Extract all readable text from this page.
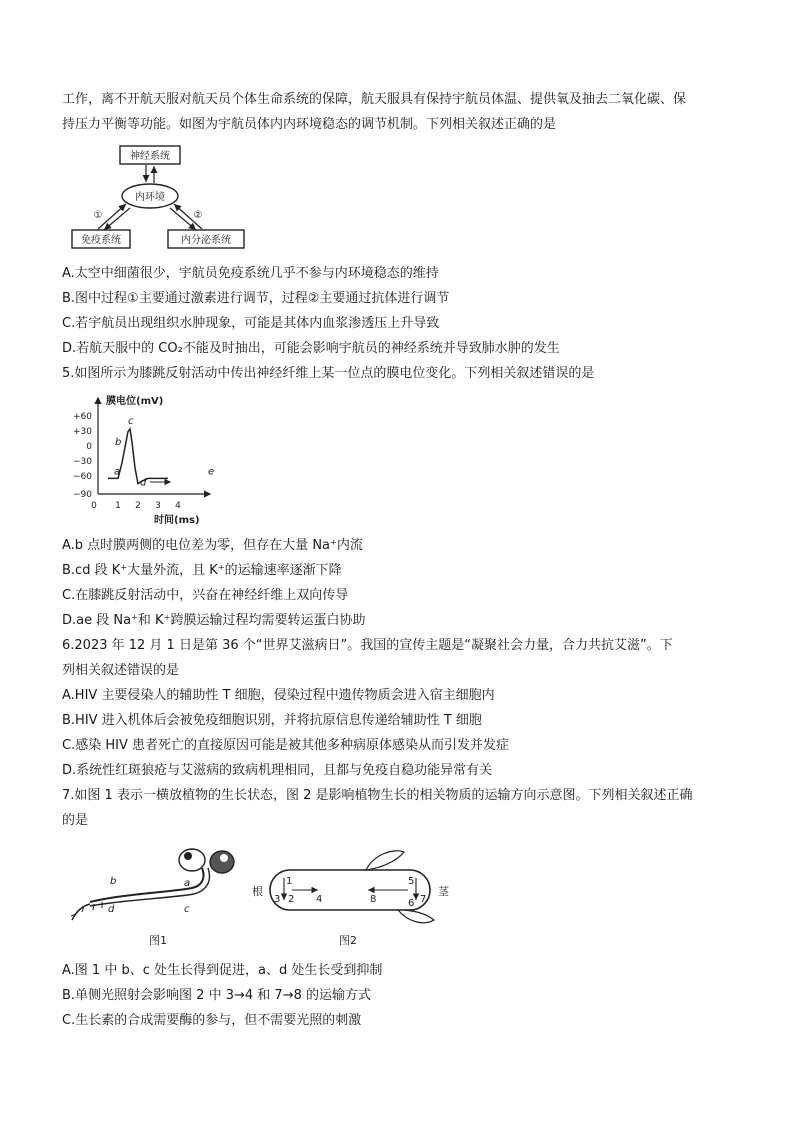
工作，离不开航天服对航天员个体生命系统的保障，航天服具有保持宇航员体温、提供氧及抽去二氧化碳、保
持压力平衡等功能。如图为宇航员体内内环境稳态的调节机制。下列相关叙述正确的是
神经系统
内环境
免疫系统	内分泌系统
①	②
A.太空中细菌很少，宇航员免疫系统几乎不参与内环境稳态的维持
B.图中过程①主要通过激素进行调节，过程②主要通过抗体进行调节
C.若宇航员出现组织水肿现象，可能是其体内血浆渗透压上升导致
D.若航天服中的 CO₂不能及时抽出，可能会影响宇航员的神经系统并导致肺水肿的发生
5.如图所示为膝跳反射活动中传出神经纤维上某一位点的膜电位变化。下列相关叙述错误的是
膜电位(mV)
时间(ms)
+60
+30
0
−30
−60
−90
0 1 2 3 4
a
b
c
d
e
A.b 点时膜两侧的电位差为零，但存在大量 Na⁺内流
B.cd 段 K⁺大量外流，且 K⁺的运输速率逐渐下降
C.在膝跳反射活动中，兴奋在神经纤维上双向传导
D.ae 段 Na⁺和 K⁺跨膜运输过程均需要转运蛋白协助
6.2023 年 12 月 1 日是第 36 个“世界艾滋病日”。我国的宣传主题是“凝聚社会力量，合力共抗艾滋”。下
列相关叙述错误的是
A.HIV 主要侵染人的辅助性 T 细胞，侵染过程中遗传物质会进入宿主细胞内
B.HIV 进入机体后会被免疫细胞识别，并将抗原信息传递给辅助性 T 细胞
C.感染 HIV 患者死亡的直接原因可能是被其他多种病原体感染从而引发并发症
D.系统性红斑狼疮与艾滋病的致病机理相同，且都与免疫自稳功能异常有关
7.如图 1 表示一横放植物的生长状态，图 2 是影响植物生长的相关物质的运输方向示意图。下列相关叙述正确
的是
b	a
d	c
图1
根	茎
1
2
3	4
5
6 7
8
图2
A.图 1 中 b、c 处生长得到促进，a、d 处生长受到抑制
B.单侧光照射会影响图 2 中 3→4 和 7→8 的运输方式
C.生长素的合成需要酶的参与，但不需要光照的刺激
